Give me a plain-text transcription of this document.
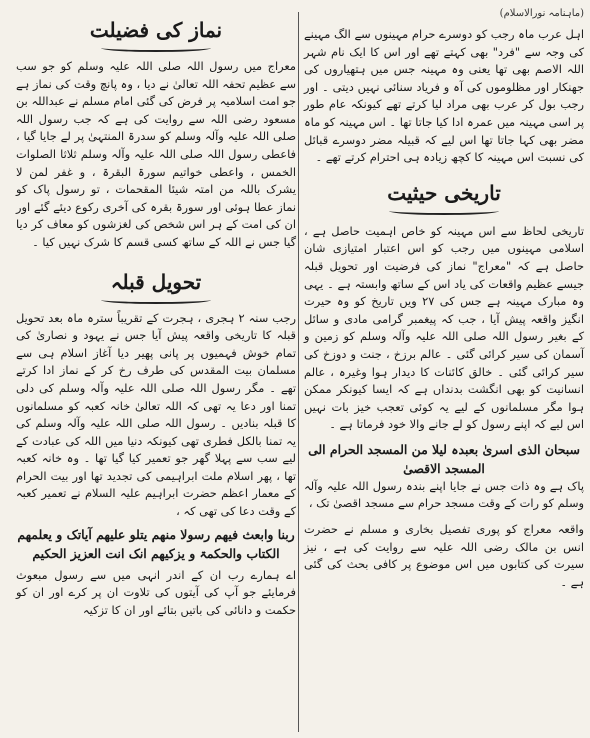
(ماہنامہ نورالاسلام)

اہل عرب ماہ رجب کو دوسرے حرام مہینوں سے الگ مہینے کی وجہ سے "فرد" بھی کہتے تھے اور اس کا ایک نام شہر اللہ الاصم بھی تھا یعنی وہ مہینہ جس میں ہتھیاروں کی جھنکار اور مظلوموں کی آہ و فریاد سنائی نہیں دیتی ۔ اور رجب بول کر عرب بھی مراد لیا کرتے تھے کیونکہ عام طور پر اسی مہینہ میں عمرہ ادا کیا جاتا تھا ۔ اس مہینہ کو ماہ مضر بھی کہا جاتا تھا اس لیے کہ قبیلہ مضر دوسرے قبائل کی نسبت اس مہینہ کا کچھ زیادہ ہی احترام کرتے تھے ۔

تاریخی حیثیت

تاریخی لحاظ سے اس مہینہ کو خاص اہمیت حاصل ہے ، اسلامی مہینوں میں رجب کو اس اعتبار امتیازی شان حاصل ہے کہ "معراج" نماز کی فرضیت اور تحویل قبلہ جیسے عظیم واقعات کی یاد اس کے ساتھ وابستہ ہے ۔ یہی وہ مبارک مہینہ ہے جس کی ۲۷ ویں تاریخ کو وہ حیرت انگیز واقعہ پیش آیا ، جب کہ پیغمبر گرامی مادی و سائل کے بغیر رسول اللہ صلی اللہ علیہ وآلہ وسلم کو زمین و آسمان کی سیر کرائی گئی ۔ عالم برزخ ، جنت و دوزخ کی سیر کرائی گئی ۔ خالق کائنات کا دیدار ہوا وغیرہ ، عالم انسانیت کو بھی انگشت بدنداں ہے کہ ایسا کیونکر ممکن ہوا مگر مسلمانوں کے لیے یہ کوئی تعجب خیز بات نہیں اس لیے کہ اپنے رسول کو لے جانے والا خود فرماتا ہے ۔

سبحان الذی اسریٰ بعبدہ لیلا من المسجد الحرام الی المسجد الاقصیٰ

پاک ہے وہ ذات جس نے جایا اپنے بندہ رسول اللہ علیہ وآلہ وسلم کو رات کے وقت مسجد حرام سے مسجد اقصیٰ تک ،

واقعہ معراج کو پوری تفصیل بخاری و مسلم نے حضرت انس بن مالک رضی اللہ علیہ سے روایت کی ہے ، نیز سیرت کی کتابوں میں اس موضوع پر کافی بحث کی گئی ہے ۔

نماز کی فضیلت

معراج میں رسول اللہ صلی اللہ علیہ وسلم کو جو سب سے عظیم تحفہ اللہ تعالیٰ نے دیا ، وہ پانچ وقت کی نماز ہے جو امت اسلامیہ پر فرض کی گئی امام مسلم نے عبداللہ بن مسعود رضی اللہ سے روایت کی ہے کہ جب رسول اللہ صلی اللہ علیہ وآلہ وسلم کو سدرۃ المنتہیٰ پر لے جایا گیا ، فاعطی رسول اللہ صلی اللہ علیہ وآلہ وسلم ثلاثا الصلوات الخمس ، واعطی خواتیم سورۃ البقرۃ ، و غفر لمن لا یشرک باللہ من امتہ شیئا المقحمات ، تو رسول پاک کو نماز عطا ہوئی اور سورۃ بقرہ کی آخری رکوع دیئے گئے اور ان کی امت کے ہر اس شخص کی لغزشوں کو معاف کر دیا گیا جس نے اللہ کے ساتھ کسی قسم کا شرک نہیں کیا ۔

تحویل قبلہ

رجب سنہ ۲ ہجری ، ہجرت کے تقریباً سترہ ماہ بعد تحویل قبلہ کا تاریخی واقعہ پیش آیا جس نے یہود و نصاریٰ کی تمام خوش فہمیوں پر پانی پھیر دیا آغاز اسلام ہی سے مسلمان بیت المقدس کی طرف رخ کر کے نماز ادا کرتے تھے ۔ مگر رسول اللہ صلی اللہ علیہ وآلہ وسلم کی دلی تمنا اور دعا یہ تھی کہ اللہ تعالیٰ خانہ کعبہ کو مسلمانوں کا قبلہ بنادیں ۔ رسول اللہ صلی اللہ علیہ وآلہ وسلم کی یہ تمنا بالکل فطری تھی کیونکہ دنیا میں اللہ کی عبادت کے لیے سب سے پہلا گھر جو تعمیر کیا گیا تھا ۔ وہ خانہ کعبہ تھا ، پھر اسلام ملت ابراہیمی کی تجدید تھا اور بیت الحرام کے معمار اعظم حضرت ابراہیم علیہ السلام نے تعمیر کعبہ کے وقت دعا کی تھی کہ ،

ربنا وابعث فیھم رسولا منھم یتلو علیھم آیاتک و یعلمھم الکتاب والحکمۃ و یزکیھم انک انت العزیز الحکیم

اے ہمارے رب ان کے اندر انہی میں سے رسول مبعوث فرمایئے جو آپ کی آیتوں کی تلاوت ان پر کرے اور ان کو حکمت و دانائی کی باتیں بتائے اور ان کا تزکیہ
